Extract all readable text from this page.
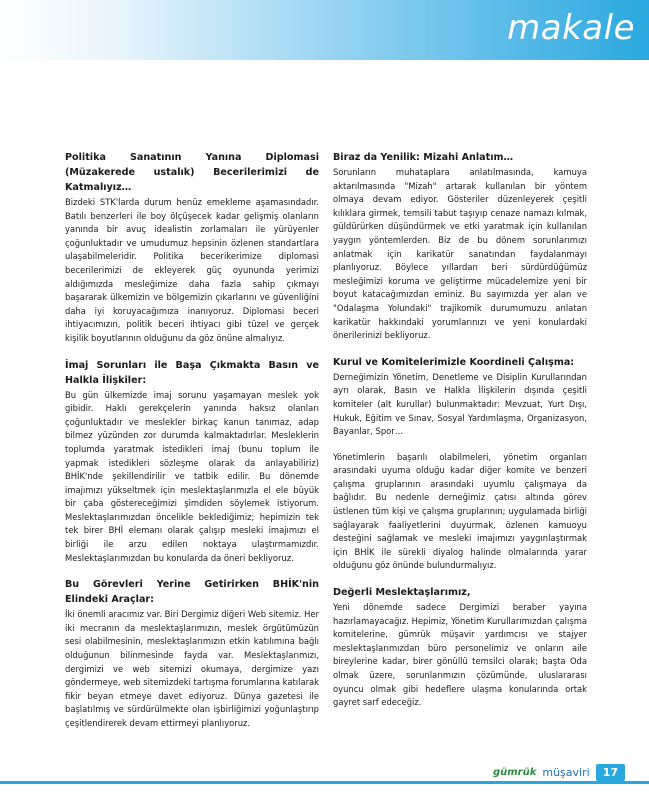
makale
Politika Sanatının Yanına Diplomasi (Müzakerede ustalık) Becerilerimizi de Katmalıyız…
Bizdeki STK'larda durum henüz emekleme aşamasındadır. Batılı benzerleri ile boy ölçüşecek kadar gelişmiş olanların yanında bir avuç idealistin zorlamaları ile yürüyenler çoğunluktadır ve umudumuz hepsinin özlenen standartlara ulaşabilmeleridir. Politika becerikerimize diplomasi becerilerimizi de ekleyerek güç oyununda yerimizi aldığımızda mesleğimize daha fazla sahip çıkmayı başararak ülkemizin ve bölgemizin çıkarlarını ve güvenliğini daha iyi koruyacağımıza inanıyoruz. Diplomasi beceri ihtiyacımızın, politik beceri ihtiyacı gibi tüzel ve gerçek kişilik boyutlarının olduğunu da göz önüne almalıyız.
İmaj Sorunları ile Başa Çıkmakta Basın ve Halkla İlişkiler:
Bu gün ülkemizde imaj sorunu yaşamayan meslek yok gibidir. Haklı gerekçelerin yanında haksız olanları çoğunluktadır ve meslekler birkaç kanun tanımaz, adap bilmez yüzünden zor durumda kalmaktadırlar. Mesleklerin toplumda yaratmak istedikleri imaj (bunu toplum ile yapmak istedikleri sözleşme olarak da anlayabiliriz) BHİK'nde şekillendirilir ve tatbik edilir. Bu dönemde imajımızı yükseltmek için meslektaşlarımızla el ele büyük bir çaba göstereceğimizi şimdiden söylemek istiyorum. Meslektaşlarımızdan öncelikle beklediğimiz; hepimizin tek tek birer BHİ elemanı olarak çalışıp mesleki imajımızı el birliği ile arzu edilen noktaya ulaştırmamızdır. Meslektaşlarımızdan bu konularda da öneri bekliyoruz.
Bu Görevleri Yerine Getirirken BHİK'nin Elindeki Araçlar:
İki önemli aracımız var. Biri Dergimiz diğeri Web sitemiz. Her iki mecranın da meslektaşlarımızın, meslek örgütümüzün sesi olabilmesinin, meslektaşlarımızın etkin katılımına bağlı olduğunun bilinmesinde fayda var. Meslektaşlarımızı, dergimizi ve web sitemizi okumaya, dergimize yazı göndermeye, web sitemizdeki tartışma forumlarına katılarak fikir beyan etmeye davet ediyoruz. Dünya gazetesi ile başlatılmış ve sürdürülmekte olan işbirliğimizi yoğunlaştırıp çeşitlendirerek devam ettirmeyi planlıyoruz.
Biraz da Yenilik: Mizahi Anlatım…
Sorunların muhataplara anlatılmasında, kamuya aktarılmasında "Mizah" artarak kullanılan bir yöntem olmaya devam ediyor. Gösteriler düzenleyerek çeşitli kılıklara girmek, temsili tabut taşıyıp cenaze namazı kılmak, güldürürken düşündürmek ve etki yaratmak için kullanılan yaygın yöntemlerden. Biz de bu dönem sorunlarımızı anlatmak için karikatür sanatından faydalanmayı planlıyoruz. Böylece yıllardan beri sürdürdüğümüz mesleğimizi koruma ve geliştirme mücadelemize yeni bir boyut katacağımızdan eminiz. Bu sayımızda yer alan ve "Odalaşma Yolundaki" trajikomik durumumuzu anlatan karikatür hakkındaki yorumlarınızı ve yeni konulardaki önerilerinizi bekliyoruz.
Kurul ve Komitelerimizle Koordineli Çalışma:
Derneğimizin Yönetim, Denetleme ve Disiplin Kurullarından ayrı olarak, Basın ve Halkla İlişkilerin dışında çeşitli komiteler (alt kurullar) bulunmaktadır: Mevzuat, Yurt Dışı, Hukuk, Eğitim ve Sınav, Sosyal Yardımlaşma, Organizasyon, Bayanlar, Spor…
Yönetimlerin başarılı olabilmeleri, yönetim organları arasındaki uyuma olduğu kadar diğer komite ve benzeri çalışma gruplarının arasındaki uyumlu çalışmaya da bağlıdır. Bu nedenle derneğimiz çatısı altında görev üstlenen tüm kişi ve çalışma gruplarının; uygulamada birliği sağlayarak faaliyetlerini duyurmak, özlenen kamuoyu desteğini sağlamak ve mesleki imajımızı yaygınlaştırmak için BHİK ile sürekli diyalog halinde olmalarında yarar olduğunu göz önünde bulundurmalıyız.
Değerli Meslektaşlarımız,
Yeni dönemde sadece Dergimizi beraber yayına hazırlamayacağız. Hepimiz, Yönetim Kurullarımızdan çalışma komitelerine, gümrük müşavir yardımcısı ve stajyer meslektaşlarımızdan büro personelimiz ve onların aile bireylerine kadar, birer gönüllü temsilci olarak; başta Oda olmak üzere, sorunlarımızın çözümünde, uluslararası oyuncu olmak gibi hedeflere ulaşma konularında ortak gayret sarf edeceğiz.
gümrük müşaviri	17
